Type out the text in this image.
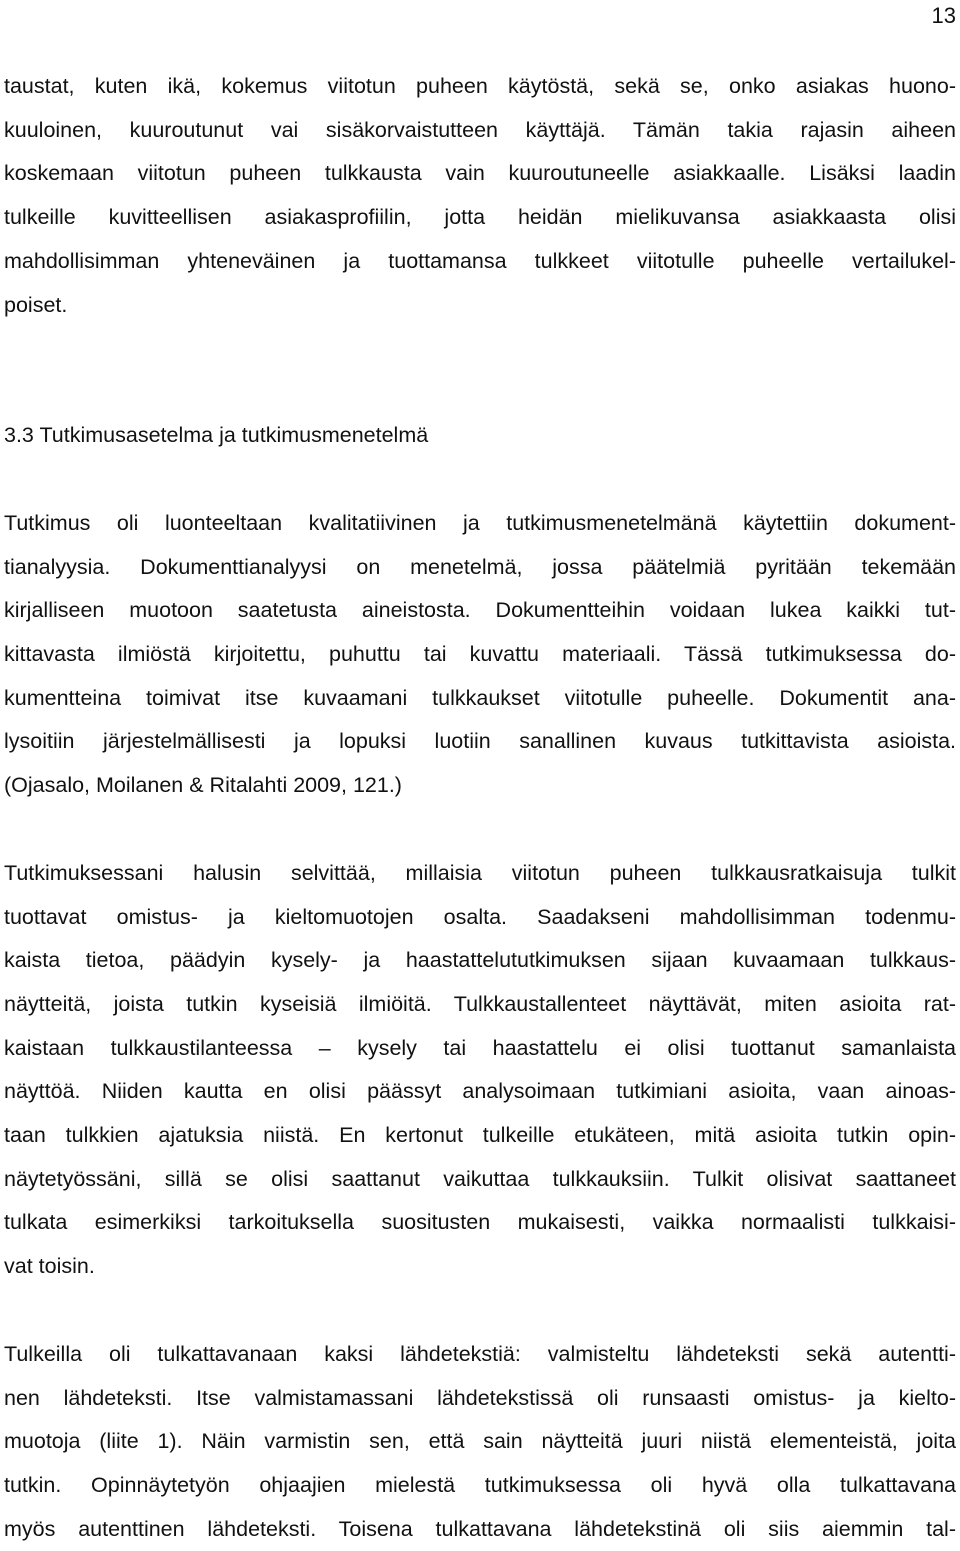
13

taustat, kuten ikä, kokemus viitotun puheen käytöstä, sekä se, onko asiakas huono-
kuuloinen, kuuroutunut vai sisäkorvaistutteen käyttäjä. Tämän takia rajasin aiheen
koskemaan viitotun puheen tulkkausta vain kuuroutuneelle asiakkaalle. Lisäksi laadin
tulkeille kuvitteellisen asiakasprofiilin, jotta heidän mielikuvansa asiakkaasta olisi
mahdollisimman yhteneväinen ja tuottamansa tulkkeet viitotulle puheelle vertailukel-
poiset.

3.3 Tutkimusasetelma ja tutkimusmenetelmä

Tutkimus oli luonteeltaan kvalitatiivinen ja tutkimusmenetelmänä käytettiin dokument-
tianalyysia. Dokumenttianalyysi on menetelmä, jossa päätelmiä pyritään tekemään
kirjalliseen muotoon saatetusta aineistosta. Dokumentteihin voidaan lukea kaikki tut-
kittavasta ilmiöstä kirjoitettu, puhuttu tai kuvattu materiaali. Tässä tutkimuksessa do-
kumentteina toimivat itse kuvaamani tulkkaukset viitotulle puheelle. Dokumentit ana-
lysoitiin järjestelmällisesti ja lopuksi luotiin sanallinen kuvaus tutkittavista asioista.
(Ojasalo, Moilanen & Ritalahti 2009, 121.)

Tutkimuksessani halusin selvittää, millaisia viitotun puheen tulkkausratkaisuja tulkit
tuottavat omistus- ja kieltomuotojen osalta. Saadakseni mahdollisimman todenmu-
kaista tietoa, päädyin kysely- ja haastattelututkimuksen sijaan kuvaamaan tulkkaus-
näytteitä, joista tutkin kyseisiä ilmiöitä. Tulkkaustallenteet näyttävät, miten asioita rat-
kaistaan tulkkaustilanteessa – kysely tai haastattelu ei olisi tuottanut samanlaista
näyttöä. Niiden kautta en olisi päässyt analysoimaan tutkimiani asioita, vaan ainoas-
taan tulkkien ajatuksia niistä. En kertonut tulkeille etukäteen, mitä asioita tutkin opin-
näytetyössäni, sillä se olisi saattanut vaikuttaa tulkkauksiin. Tulkit olisivat saattaneet
tulkata esimerkiksi tarkoituksella suositusten mukaisesti, vaikka normaalisti tulkkaisi-
vat toisin.

Tulkeilla oli tulkattavanaan kaksi lähdetekstiä: valmisteltu lähdeteksti sekä autentti-
nen lähdeteksti. Itse valmistamassani lähdetekstissä oli runsaasti omistus- ja kielto-
muotoja (liite 1). Näin varmistin sen, että sain näytteitä juuri niistä elementeistä, joita
tutkin. Opinnäytetyön ohjaajien mielestä tutkimuksessa oli hyvä olla tulkattavana
myös autenttinen lähdeteksti. Toisena tulkattavana lähdetekstinä oli siis aiemmin tal-
